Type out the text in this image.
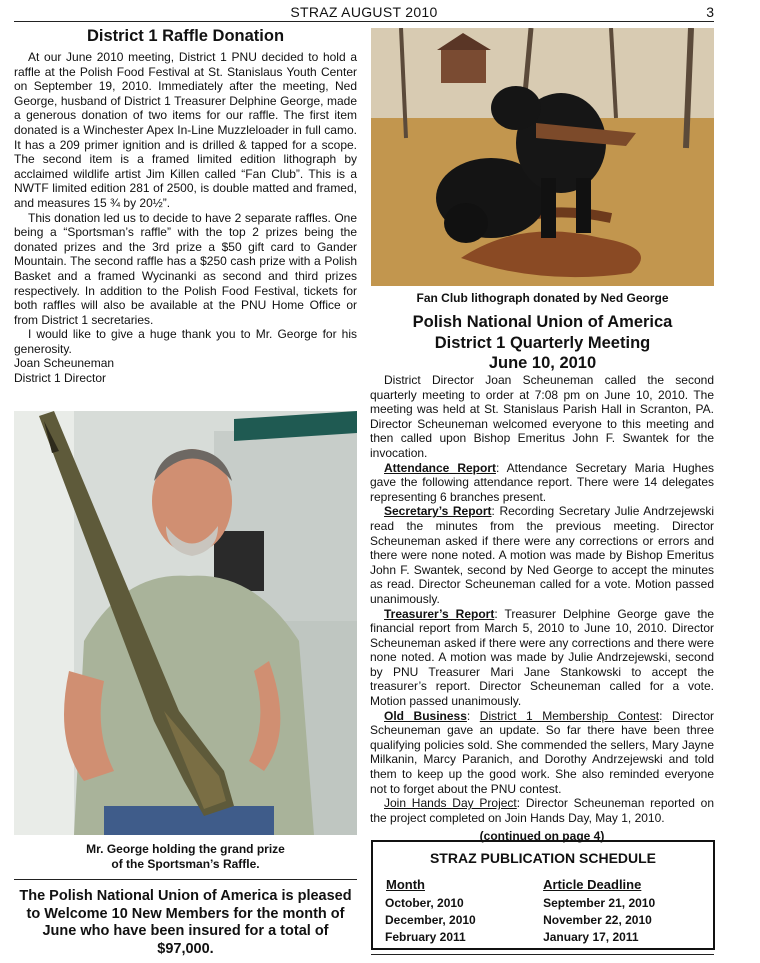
STRAZ AUGUST 2010	3
District 1 Raffle Donation

At our June 2010 meeting, District 1 PNU decided to hold a raffle at the Polish Food Festival at St. Stanislaus Youth Center on September 19, 2010. Immediately after the meeting, Ned George, husband of District 1 Treasurer Delphine George, made a generous donation of two items for our raffle. The first item donated is a Winchester Apex In-Line Muzzleloader in full camo. It has a 209 primer ignition and is drilled & tapped for a scope. The second item is a framed limited edition lithograph by acclaimed wildlife artist Jim Killen called “Fan Club”. This is a NWTF limited edition 281 of 2500, is double matted and framed, and measures 15 ¾ by 20½”.

This donation led us to decide to have 2 separate raffles. One being a “Sportsman’s raffle” with the top 2 prizes being the donated prizes and the 3rd prize a $50 gift card to Gander Mountain. The second raffle has a $250 cash prize with a Polish Basket and a framed Wycinanki as second and third prizes respectively. In addition to the Polish Food Festival, tickets for both raffles will also be available at the PNU Home Office or from District 1 secretaries.

I would like to give a huge thank you to Mr. George for his generosity.

Joan Scheuneman

District 1 Director

Mr. George holding the grand prize
of the Sportsman’s Raffle.
The Polish National Union of America is pleased to Welcome 10 New Members for the month of June who have been insured for a total of $97,000.
Fan Club lithograph donated by Ned George
Polish National Union of America
District 1 Quarterly Meeting
June 10, 2010

District Director Joan Scheuneman called the second quarterly meeting to order at 7:08 pm on June 10, 2010. The meeting was held at St. Stanislaus Parish Hall in Scranton, PA. Director Scheuneman welcomed everyone to this meeting and then called upon Bishop Emeritus John F. Swantek for the invocation.

Attendance Report: Attendance Secretary Maria Hughes gave the following attendance report. There were 14 delegates representing 6 branches present.

Secretary’s Report: Recording Secretary Julie Andrzejewski read the minutes from the previous meeting. Director Scheuneman asked if there were any corrections or errors and there were none noted. A motion was made by Bishop Emeritus John F. Swantek, second by Ned George to accept the minutes as read. Director Scheuneman called for a vote. Motion passed unanimously.

Treasurer’s Report: Treasurer Delphine George gave the financial report from March 5, 2010 to June 10, 2010. Director Scheuneman asked if there were any corrections and there were none noted. A motion was made by Julie Andrzejewski, second by PNU Treasurer Mari Jane Stankowski to accept the treasurer’s report. Director Scheuneman called for a vote. Motion passed unanimously.

Old Business: District 1 Membership Contest: Director Scheuneman gave an update. So far there have been three qualifying policies sold. She commended the sellers, Mary Jayne Milkanin, Marcy Paranich, and Dorothy Andrzejewski and told them to keep up the good work. She also reminded everyone not to forget about the PNU contest.

Join Hands Day Project: Director Scheuneman reported on the project completed on Join Hands Day, May 1, 2010.

(continued on page 4)
STRAZ PUBLICATION SCHEDULE
Month	Article Deadline
October, 2010	September 21, 2010
December, 2010	November 22, 2010
February 2011	January 17, 2011
